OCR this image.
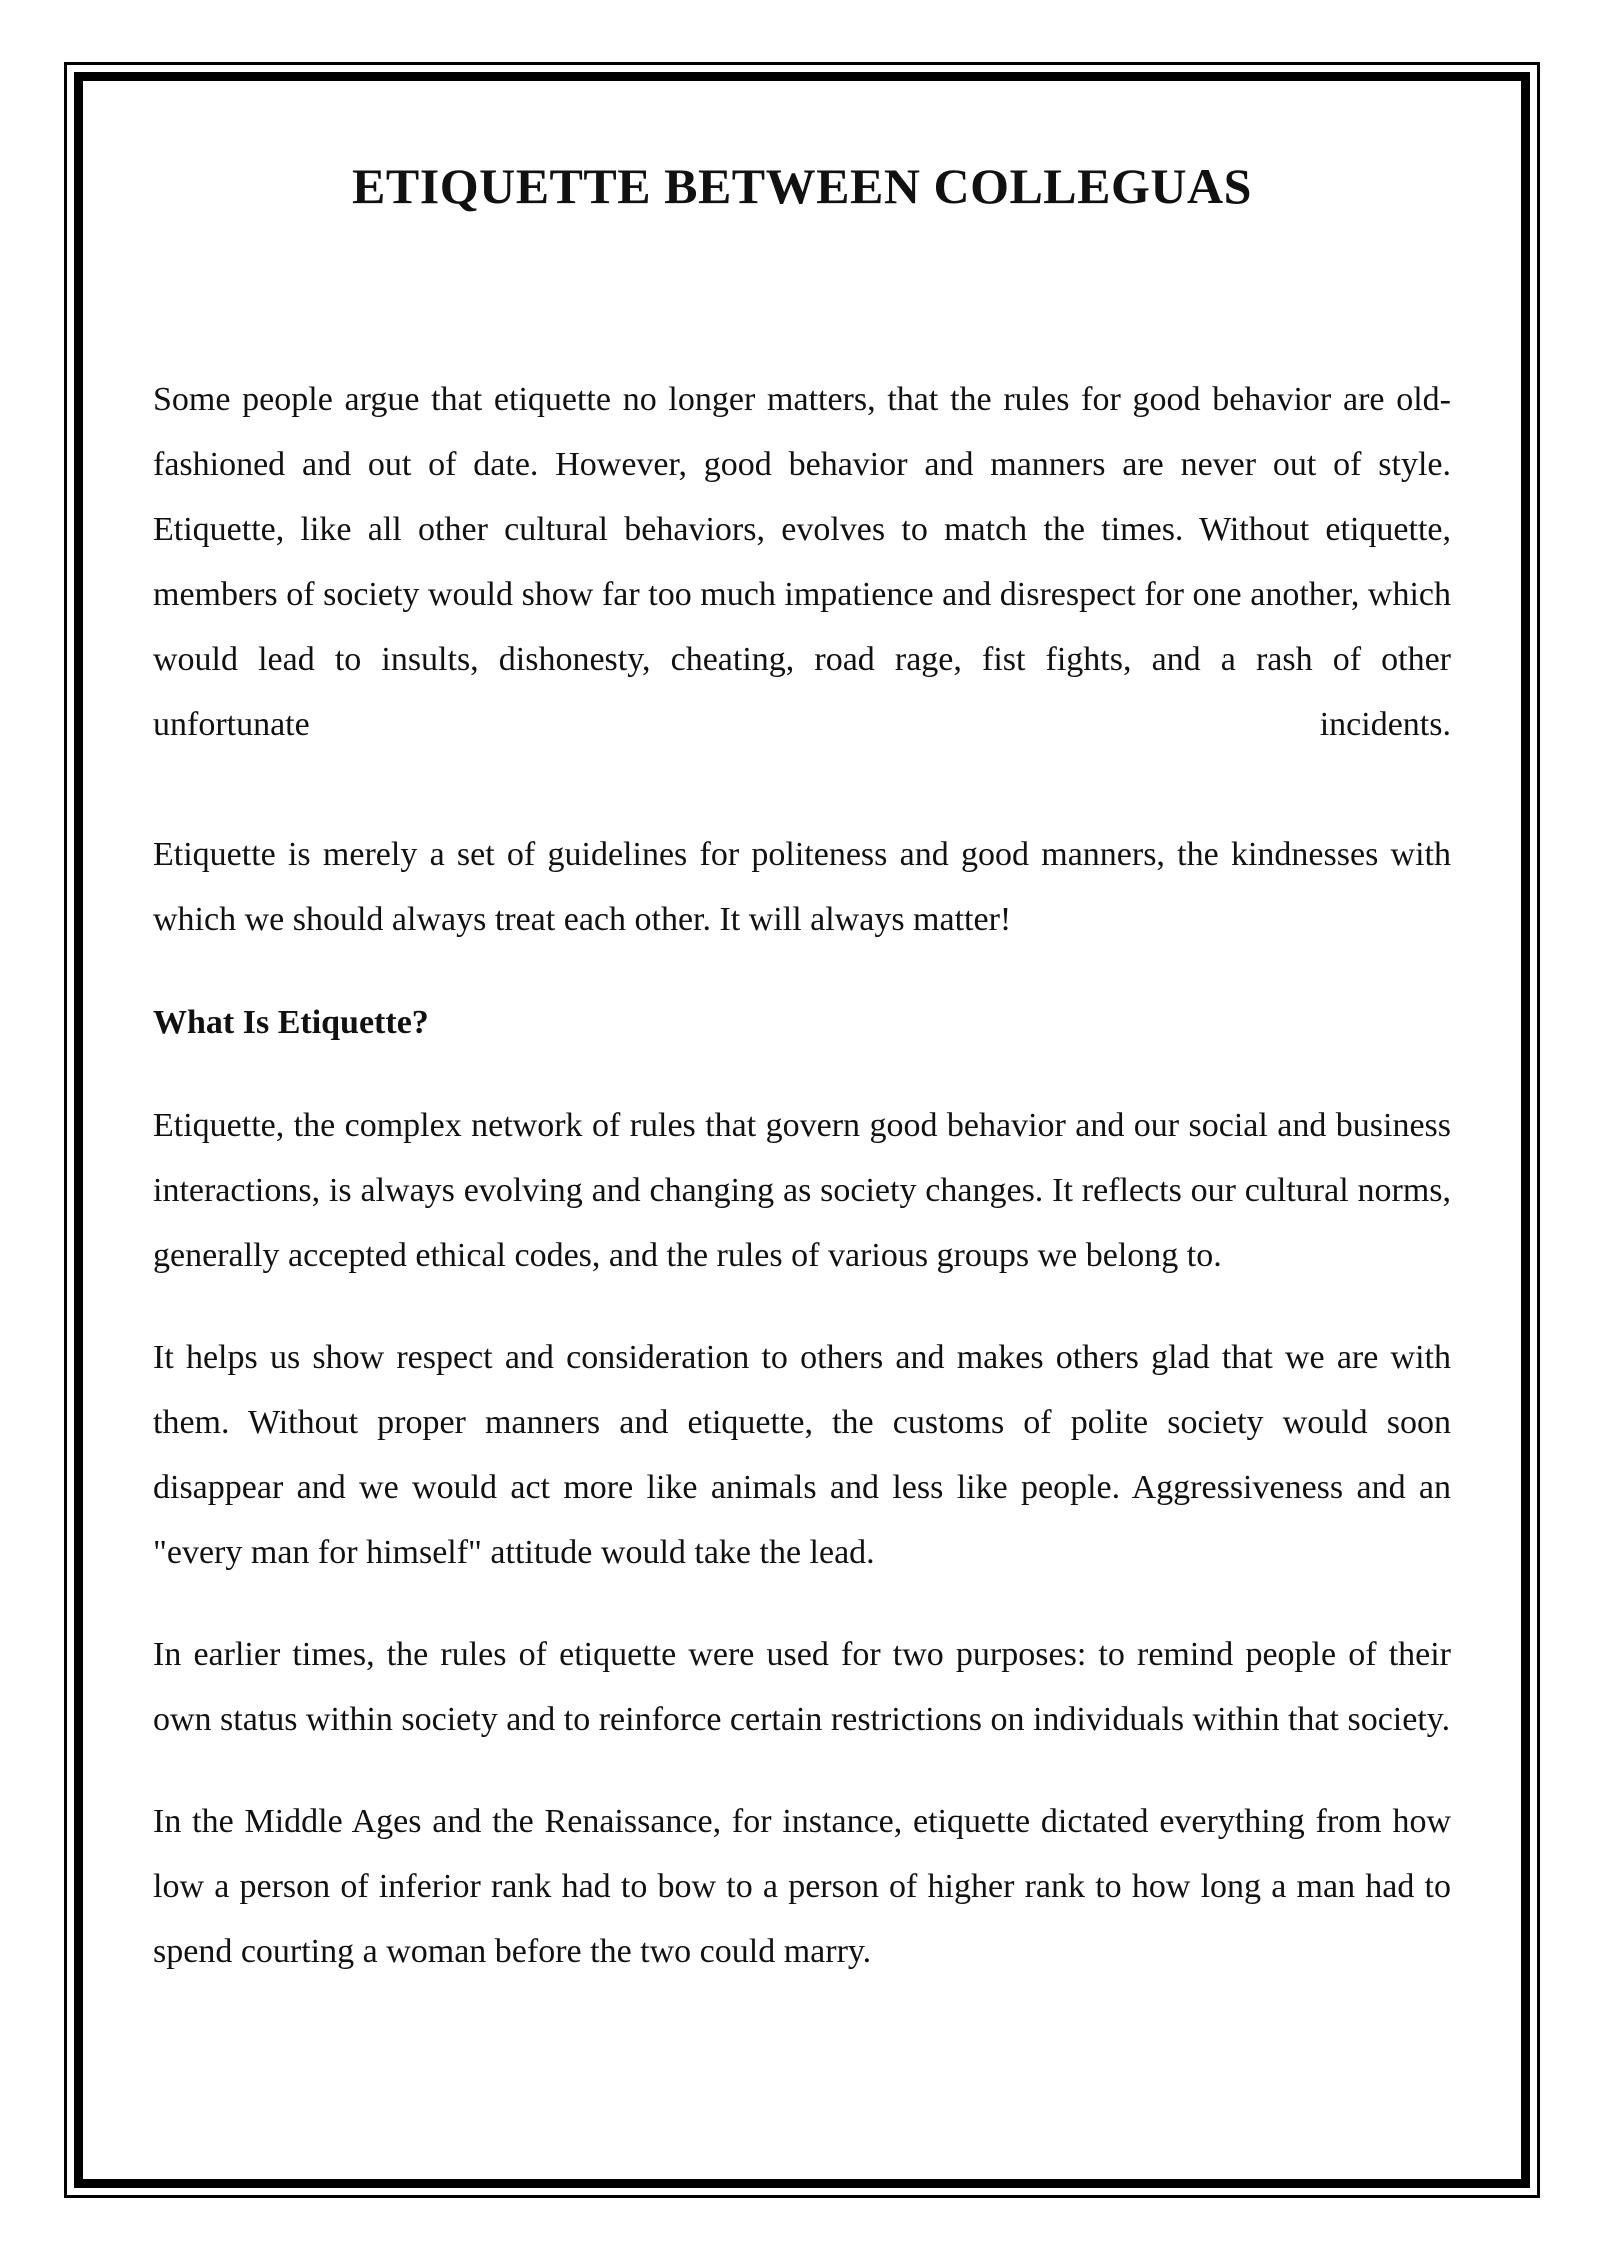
ETIQUETTE BETWEEN COLLEGUAS

Some people argue that etiquette no longer matters, that the rules for good behavior are old-fashioned and out of date. However, good behavior and manners are never out of style. Etiquette, like all other cultural behaviors, evolves to match the times. Without etiquette, members of society would show far too much impatience and disrespect for one another, which would lead to insults, dishonesty, cheating, road rage, fist fights, and a rash of other unfortunate incidents.

Etiquette is merely a set of guidelines for politeness and good manners, the kindnesses with which we should always treat each other. It will always matter!

What Is Etiquette?

Etiquette, the complex network of rules that govern good behavior and our social and business interactions, is always evolving and changing as society changes. It reflects our cultural norms, generally accepted ethical codes, and the rules of various groups we belong to.

It helps us show respect and consideration to others and makes others glad that we are with them. Without proper manners and etiquette, the customs of polite society would soon disappear and we would act more like animals and less like people. Aggressiveness and an "every man for himself" attitude would take the lead.

In earlier times, the rules of etiquette were used for two purposes: to remind people of their own status within society and to reinforce certain restrictions on individuals within that society.

In the Middle Ages and the Renaissance, for instance, etiquette dictated everything from how low a person of inferior rank had to bow to a person of higher rank to how long a man had to spend courting a woman before the two could marry.
